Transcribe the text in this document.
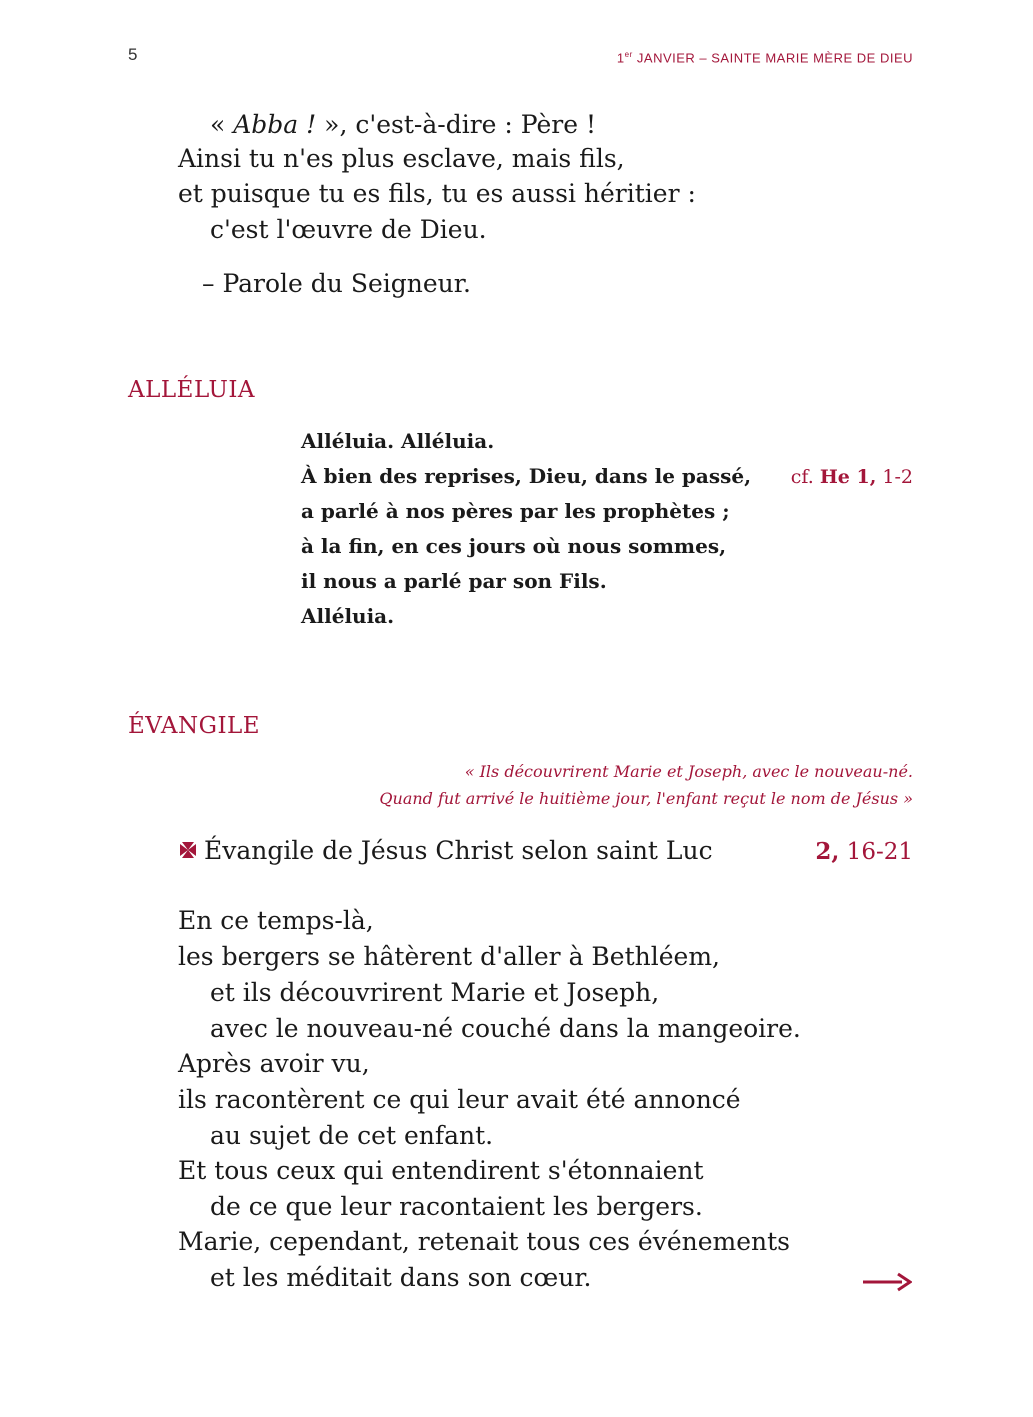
5	1er JANVIER – SAINTE MARIE MÈRE DE DIEU
« Abba ! », c'est-à-dire : Père !
Ainsi tu n'es plus esclave, mais fils,
et puisque tu es fils, tu es aussi héritier :
c'est l'œuvre de Dieu.
– Parole du Seigneur.
ALLÉLUIA
Alléluia. Alléluia.
À bien des reprises, Dieu, dans le passé,
a parlé à nos pères par les prophètes ;
à la fin, en ces jours où nous sommes,
il nous a parlé par son Fils.
Alléluia.
cf. He 1, 1-2
ÉVANGILE
« Ils découvrirent Marie et Joseph, avec le nouveau-né.
Quand fut arrivé le huitième jour, l'enfant reçut le nom de Jésus »
Évangile de Jésus Christ selon saint Luc	2, 16-21
En ce temps-là,
les bergers se hâtèrent d'aller à Bethléem,
et ils découvrirent Marie et Joseph,
avec le nouveau-né couché dans la mangeoire.
Après avoir vu,
ils racontèrent ce qui leur avait été annoncé
au sujet de cet enfant.
Et tous ceux qui entendirent s'étonnaient
de ce que leur racontaient les bergers.
Marie, cependant, retenait tous ces événements
et les méditait dans son cœur.
